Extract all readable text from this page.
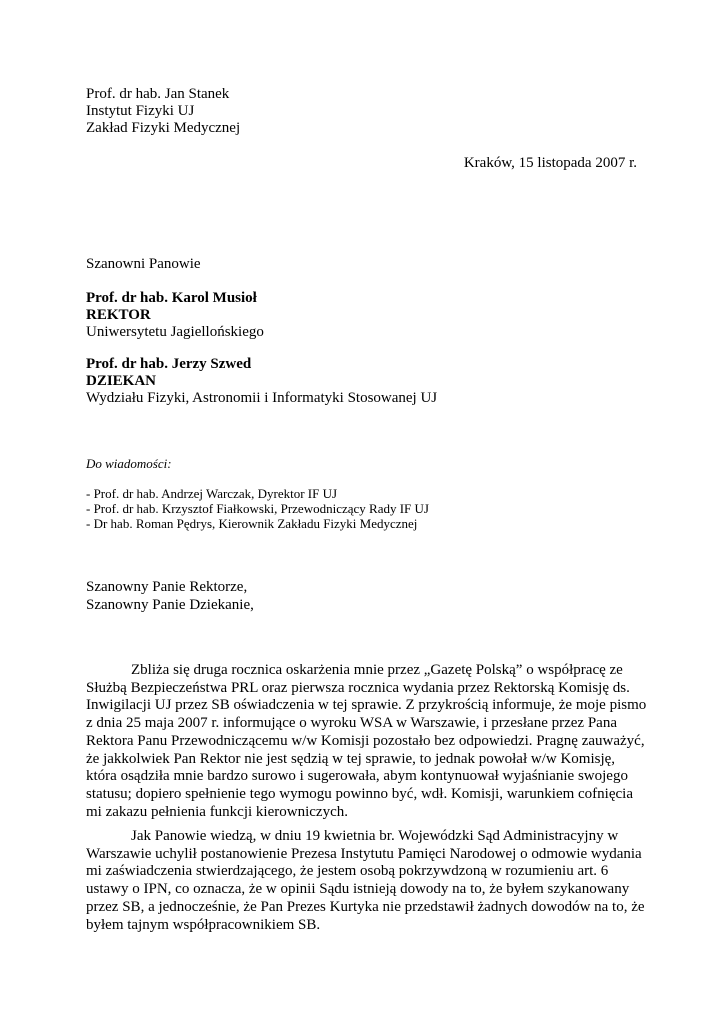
Prof. dr hab. Jan Stanek
Instytut Fizyki UJ
Zakład Fizyki Medycznej
Kraków, 15 listopada 2007 r.
Szanowni Panowie
Prof. dr hab. Karol Musioł
REKTOR
Uniwersytetu Jagiellońskiego
Prof. dr hab. Jerzy Szwed
DZIEKAN
Wydziału Fizyki, Astronomii i Informatyki Stosowanej UJ
Do wiadomości:
- Prof. dr hab. Andrzej Warczak, Dyrektor IF UJ
- Prof. dr hab. Krzysztof Fiałkowski, Przewodniczący Rady IF UJ
- Dr hab. Roman Pędrys, Kierownik Zakładu Fizyki Medycznej
Szanowny Panie Rektorze,
Szanowny Panie Dziekanie,
Zbliża się druga rocznica oskarżenia mnie przez „Gazetę Polską” o współpracę ze
Służbą Bezpieczeństwa PRL oraz pierwsza rocznica wydania przez Rektorską Komisję ds.
Inwigilacji UJ przez SB oświadczenia w tej sprawie. Z przykrością informuje, że moje pismo
z dnia 25 maja 2007 r. informujące o wyroku WSA w Warszawie, i przesłane przez Pana
Rektora Panu Przewodniczącemu w/w Komisji pozostało bez odpowiedzi. Pragnę zauważyć,
że jakkolwiek Pan Rektor nie jest sędzią w tej sprawie, to jednak powołał w/w Komisję,
która osądziła mnie bardzo surowo i sugerowała, abym kontynuował wyjaśnianie swojego
statusu; dopiero spełnienie tego wymogu powinno być, wdł. Komisji, warunkiem cofnięcia
mi zakazu pełnienia funkcji kierowniczych.
Jak Panowie wiedzą, w dniu 19 kwietnia br. Wojewódzki Sąd Administracyjny w
Warszawie uchylił postanowienie Prezesa Instytutu Pamięci Narodowej o odmowie wydania
mi zaświadczenia stwierdzającego, że jestem osobą pokrzywdzoną w rozumieniu art. 6
ustawy o IPN, co oznacza, że w opinii Sądu istnieją dowody na to, że byłem szykanowany
przez SB, a jednocześnie, że Pan Prezes Kurtyka nie przedstawił żadnych dowodów na to, że
byłem tajnym współpracownikiem SB.
